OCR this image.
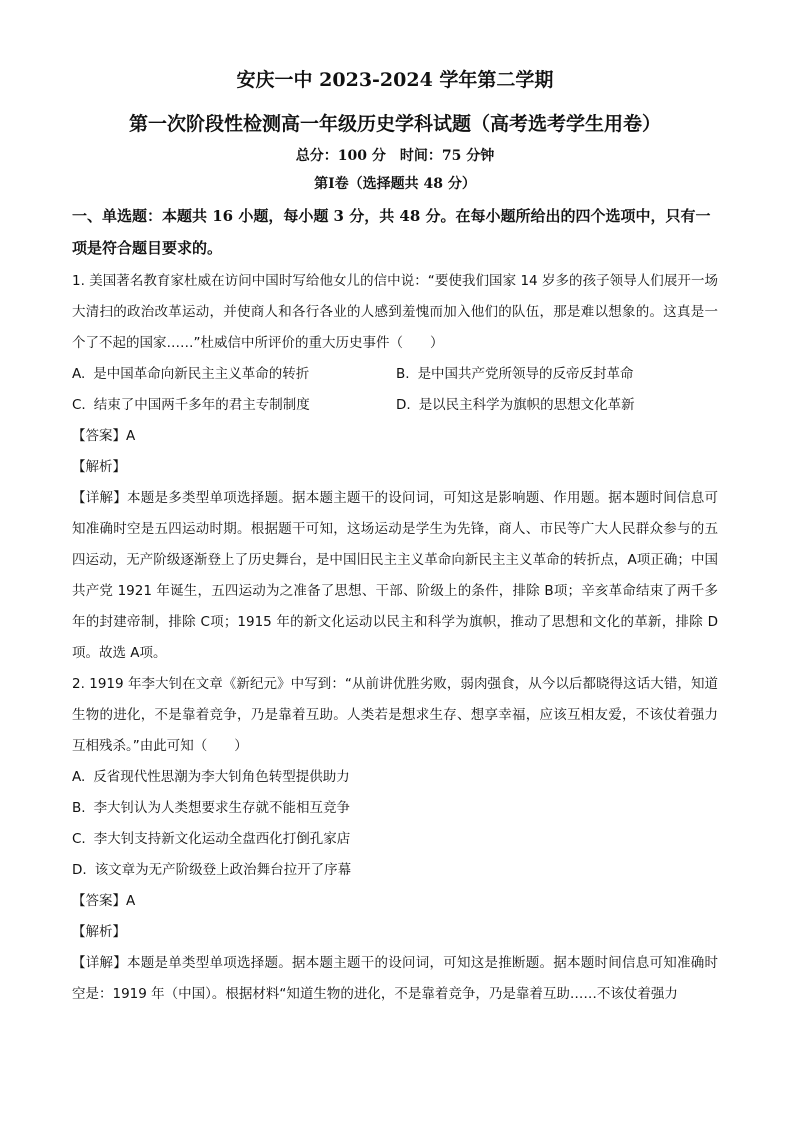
安庆一中 2023-2024 学年第二学期
第一次阶段性检测高一年级历史学科试题（高考选考学生用卷）
总分：100 分　时间：75 分钟
第Ⅰ卷（选择题共 48 分）
一、单选题：本题共 16 小题，每小题 3 分，共 48 分。在每小题所给出的四个选项中，只有一项是符合题目要求的。

1. 美国著名教育家杜威在访问中国时写给他女儿的信中说：“要使我们国家 14 岁多的孩子领导人们展开一场大清扫的政治改革运动，并使商人和各行各业的人感到羞愧而加入他们的队伍，那是难以想象的。这真是一个了不起的国家……”杜威信中所评价的重大历史事件（　　）

A. 是中国革命向新民主主义革命的转折	B. 是中国共产党所领导的反帝反封革命
C. 结束了中国两千多年的君主专制制度	D. 是以民主科学为旗帜的思想文化革新

【答案】A

【解析】

【详解】本题是多类型单项选择题。据本题主题干的设问词，可知这是影响题、作用题。据本题时间信息可知准确时空是五四运动时期。根据题干可知，这场运动是学生为先锋，商人、市民等广大人民群众参与的五四运动，无产阶级逐渐登上了历史舞台，是中国旧民主主义革命向新民主主义革命的转折点，A项正确；中国共产党 1921 年诞生，五四运动为之准备了思想、干部、阶级上的条件，排除 B项；辛亥革命结束了两千多年的封建帝制，排除 C项；1915 年的新文化运动以民主和科学为旗帜，推动了思想和文化的革新，排除 D项。故选 A项。

2. 1919 年李大钊在文章《新纪元》中写到：“从前讲优胜劣败，弱肉强食，从今以后都晓得这话大错，知道生物的进化，不是靠着竞争，乃是靠着互助。人类若是想求生存、想享幸福，应该互相友爱，不该仗着强力互相残杀。”由此可知（　　）

A. 反省现代性思潮为李大钊角色转型提供助力
B. 李大钊认为人类想要求生存就不能相互竞争
C. 李大钊支持新文化运动全盘西化打倒孔家店
D. 该文章为无产阶级登上政治舞台拉开了序幕

【答案】A

【解析】

【详解】本题是单类型单项选择题。据本题主题干的设问词，可知这是推断题。据本题时间信息可知准确时空是：1919 年（中国）。根据材料“知道生物的进化，不是靠着竞争，乃是靠着互助……不该仗着强力
